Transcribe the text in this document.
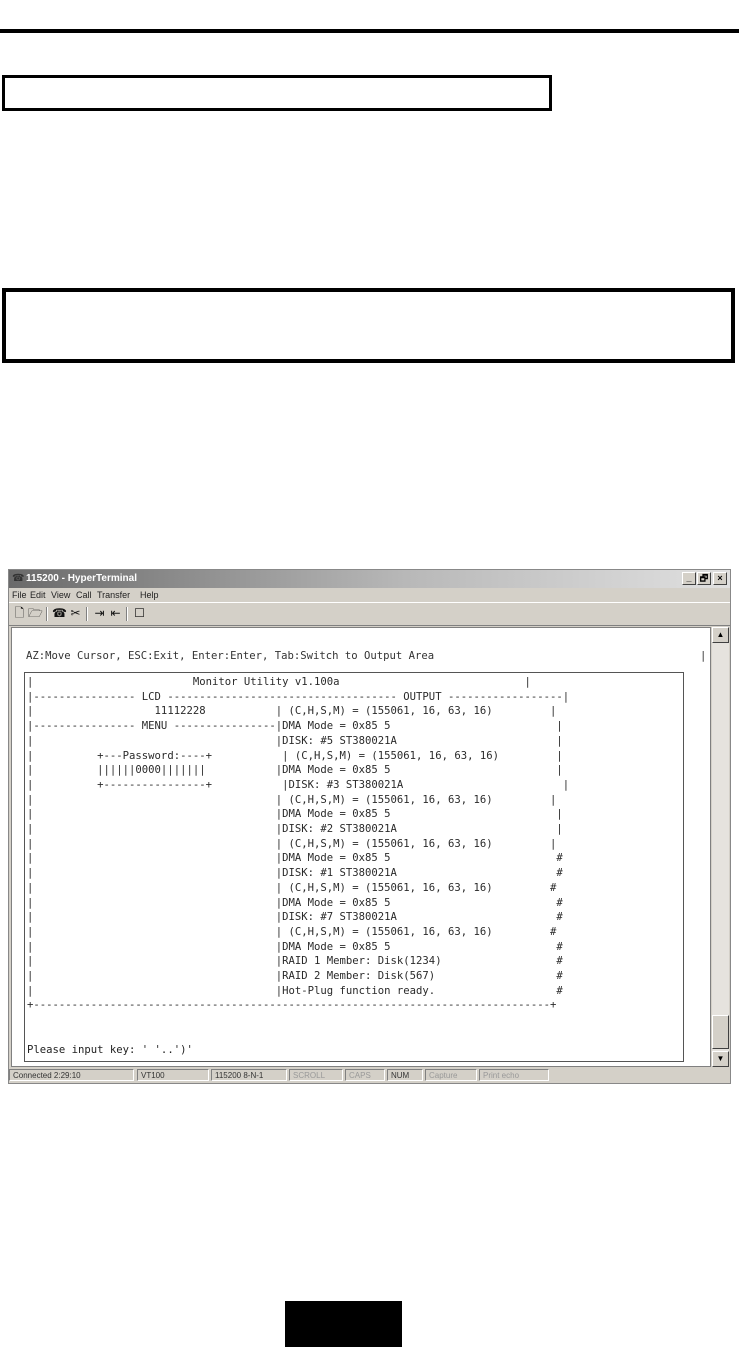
☎ 115200 - HyperTerminal	_ 🗗	×
File Edit View Call Transfer Help
🗋 🗁 ☎ ✂ ⇥ ⇤ ☐
AZ:Move Cursor, ESC:Exit, Enter:Enter, Tab:Switch to Output Area	|
|                         Monitor Utility v1.100a                             |
|---------------- LCD ------------------------------------ OUTPUT ------------------|
|                   11112228           | (C,H,S,M) = (155061, 16, 63, 16)         |
|---------------- MENU ----------------|DMA Mode = 0x85 5                          |
|                                      |DISK: #5 ST380021A                         |
|          +---Password:----+           | (C,H,S,M) = (155061, 16, 63, 16)         |
|          ||||||0000|||||||           |DMA Mode = 0x85 5                          |
|          +----------------+           |DISK: #3 ST380021A                         |
|                                      | (C,H,S,M) = (155061, 16, 63, 16)         |
|                                      |DMA Mode = 0x85 5                          |
|                                      |DISK: #2 ST380021A                         |
|                                      | (C,H,S,M) = (155061, 16, 63, 16)         |
|                                      |DMA Mode = 0x85 5                          #
|                                      |DISK: #1 ST380021A                         #
|                                      | (C,H,S,M) = (155061, 16, 63, 16)         #
|                                      |DMA Mode = 0x85 5                          #
|                                      |DISK: #7 ST380021A                         #
|                                      | (C,H,S,M) = (155061, 16, 63, 16)         #
|                                      |DMA Mode = 0x85 5                          #
|                                      |RAID 1 Member: Disk(1234)                  #
|                                      |RAID 2 Member: Disk(567)                   #
|                                      |Hot-Plug function ready.                   #
+---------------------------------------------------------------------------------+
Please input key: ' '..')'
▲
▼
Connected 2:29:10	VT100	115200 8-N-1	SCROLL	CAPS	NUM	Capture	Print echo
